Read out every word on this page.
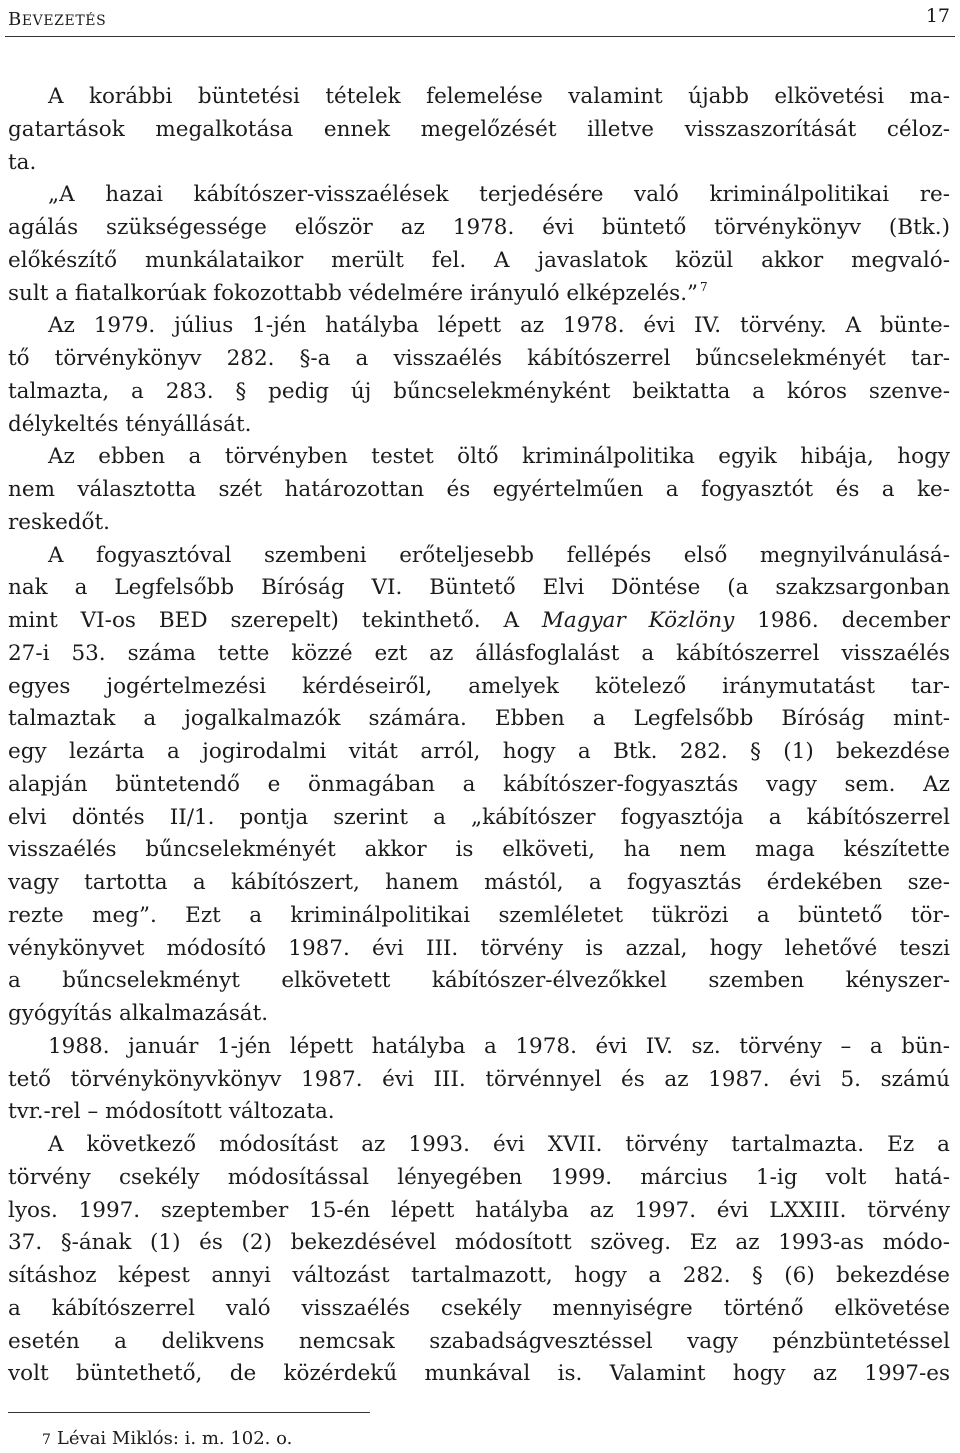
BEVEZETÉS	17
A korábbi büntetési tételek felemelése valamint újabb elkövetési ma-
gatartások megalkotása ennek megelőzését illetve visszaszorítását céloz-
ta.
„A hazai kábítószer-visszaélések terjedésére való kriminálpolitikai re-
agálás szükségessége először az 1978. évi büntető törvénykönyv (Btk.)
előkészítő munkálataikor merült fel. A javaslatok közül akkor megvaló-
sult a fiatalkorúak fokozottabb védelmére irányuló elképzelés.” $^7$
Az 1979. július 1-jén hatályba lépett az 1978. évi IV. törvény. A bünte-
tő törvénykönyv 282. §-a a visszaélés kábítószerrel bűncselekményét tar-
talmazta, a 283. § pedig új bűncselekményként beiktatta a kóros szenve-
délykeltés tényállását.
Az ebben a törvényben testet öltő kriminálpolitika egyik hibája, hogy
nem választotta szét határozottan és egyértelműen a fogyasztót és a ke-
reskedőt.
A fogyasztóval szembeni erőteljesebb fellépés első megnyilvánulásá-
nak a Legfelsőbb Bíróság VI. Büntető Elvi Döntése (a szakzsargonban
mint VI-os BED szerepelt) tekinthető. A Magyar Közlöny 1986. december
27-i 53. száma tette közzé ezt az állásfoglalást a kábítószerrel visszaélés
egyes jogértelmezési kérdéseiről, amelyek kötelező iránymutatást tar-
talmaztak a jogalkalmazók számára. Ebben a Legfelsőbb Bíróság mint-
egy lezárta a jogirodalmi vitát arról, hogy a Btk. 282. § (1) bekezdése
alapján büntetendő e önmagában a kábítószer-fogyasztás vagy sem. Az
elvi döntés II/1. pontja szerint a „kábítószer fogyasztója a kábítószerrel
visszaélés bűncselekményét akkor is elköveti, ha nem maga készítette
vagy tartotta a kábítószert, hanem mástól, a fogyasztás érdekében sze-
rezte meg”. Ezt a kriminálpolitikai szemléletet tükrözi a büntető tör-
vénykönyvet módosító 1987. évi III. törvény is azzal, hogy lehetővé teszi
a bűncselekményt elkövetett kábítószer-élvezőkkel szemben kényszer-
gyógyítás alkalmazását.
1988. január 1-jén lépett hatályba a 1978. évi IV. sz. törvény – a bün-
tető törvénykönyvkönyv 1987. évi III. törvénnyel és az 1987. évi 5. számú
tvr.-rel – módosított változata.
A következő módosítást az 1993. évi XVII. törvény tartalmazta. Ez a
törvény csekély módosítással lényegében 1999. március 1-ig volt hatá-
lyos. 1997. szeptember 15-én lépett hatályba az 1997. évi LXXIII. törvény
37. §-ának (1) és (2) bekezdésével módosított szöveg. Ez az 1993-as módo-
sításhoz képest annyi változást tartalmazott, hogy a 282. § (6) bekezdése
a kábítószerrel való visszaélés csekély mennyiségre történő elkövetése
esetén a delikvens nemcsak szabadságvesztéssel vagy pénzbüntetéssel
volt büntethető, de közérdekű munkával is. Valamint hogy az 1997-es
7 Lévai Miklós: i. m. 102. o.
